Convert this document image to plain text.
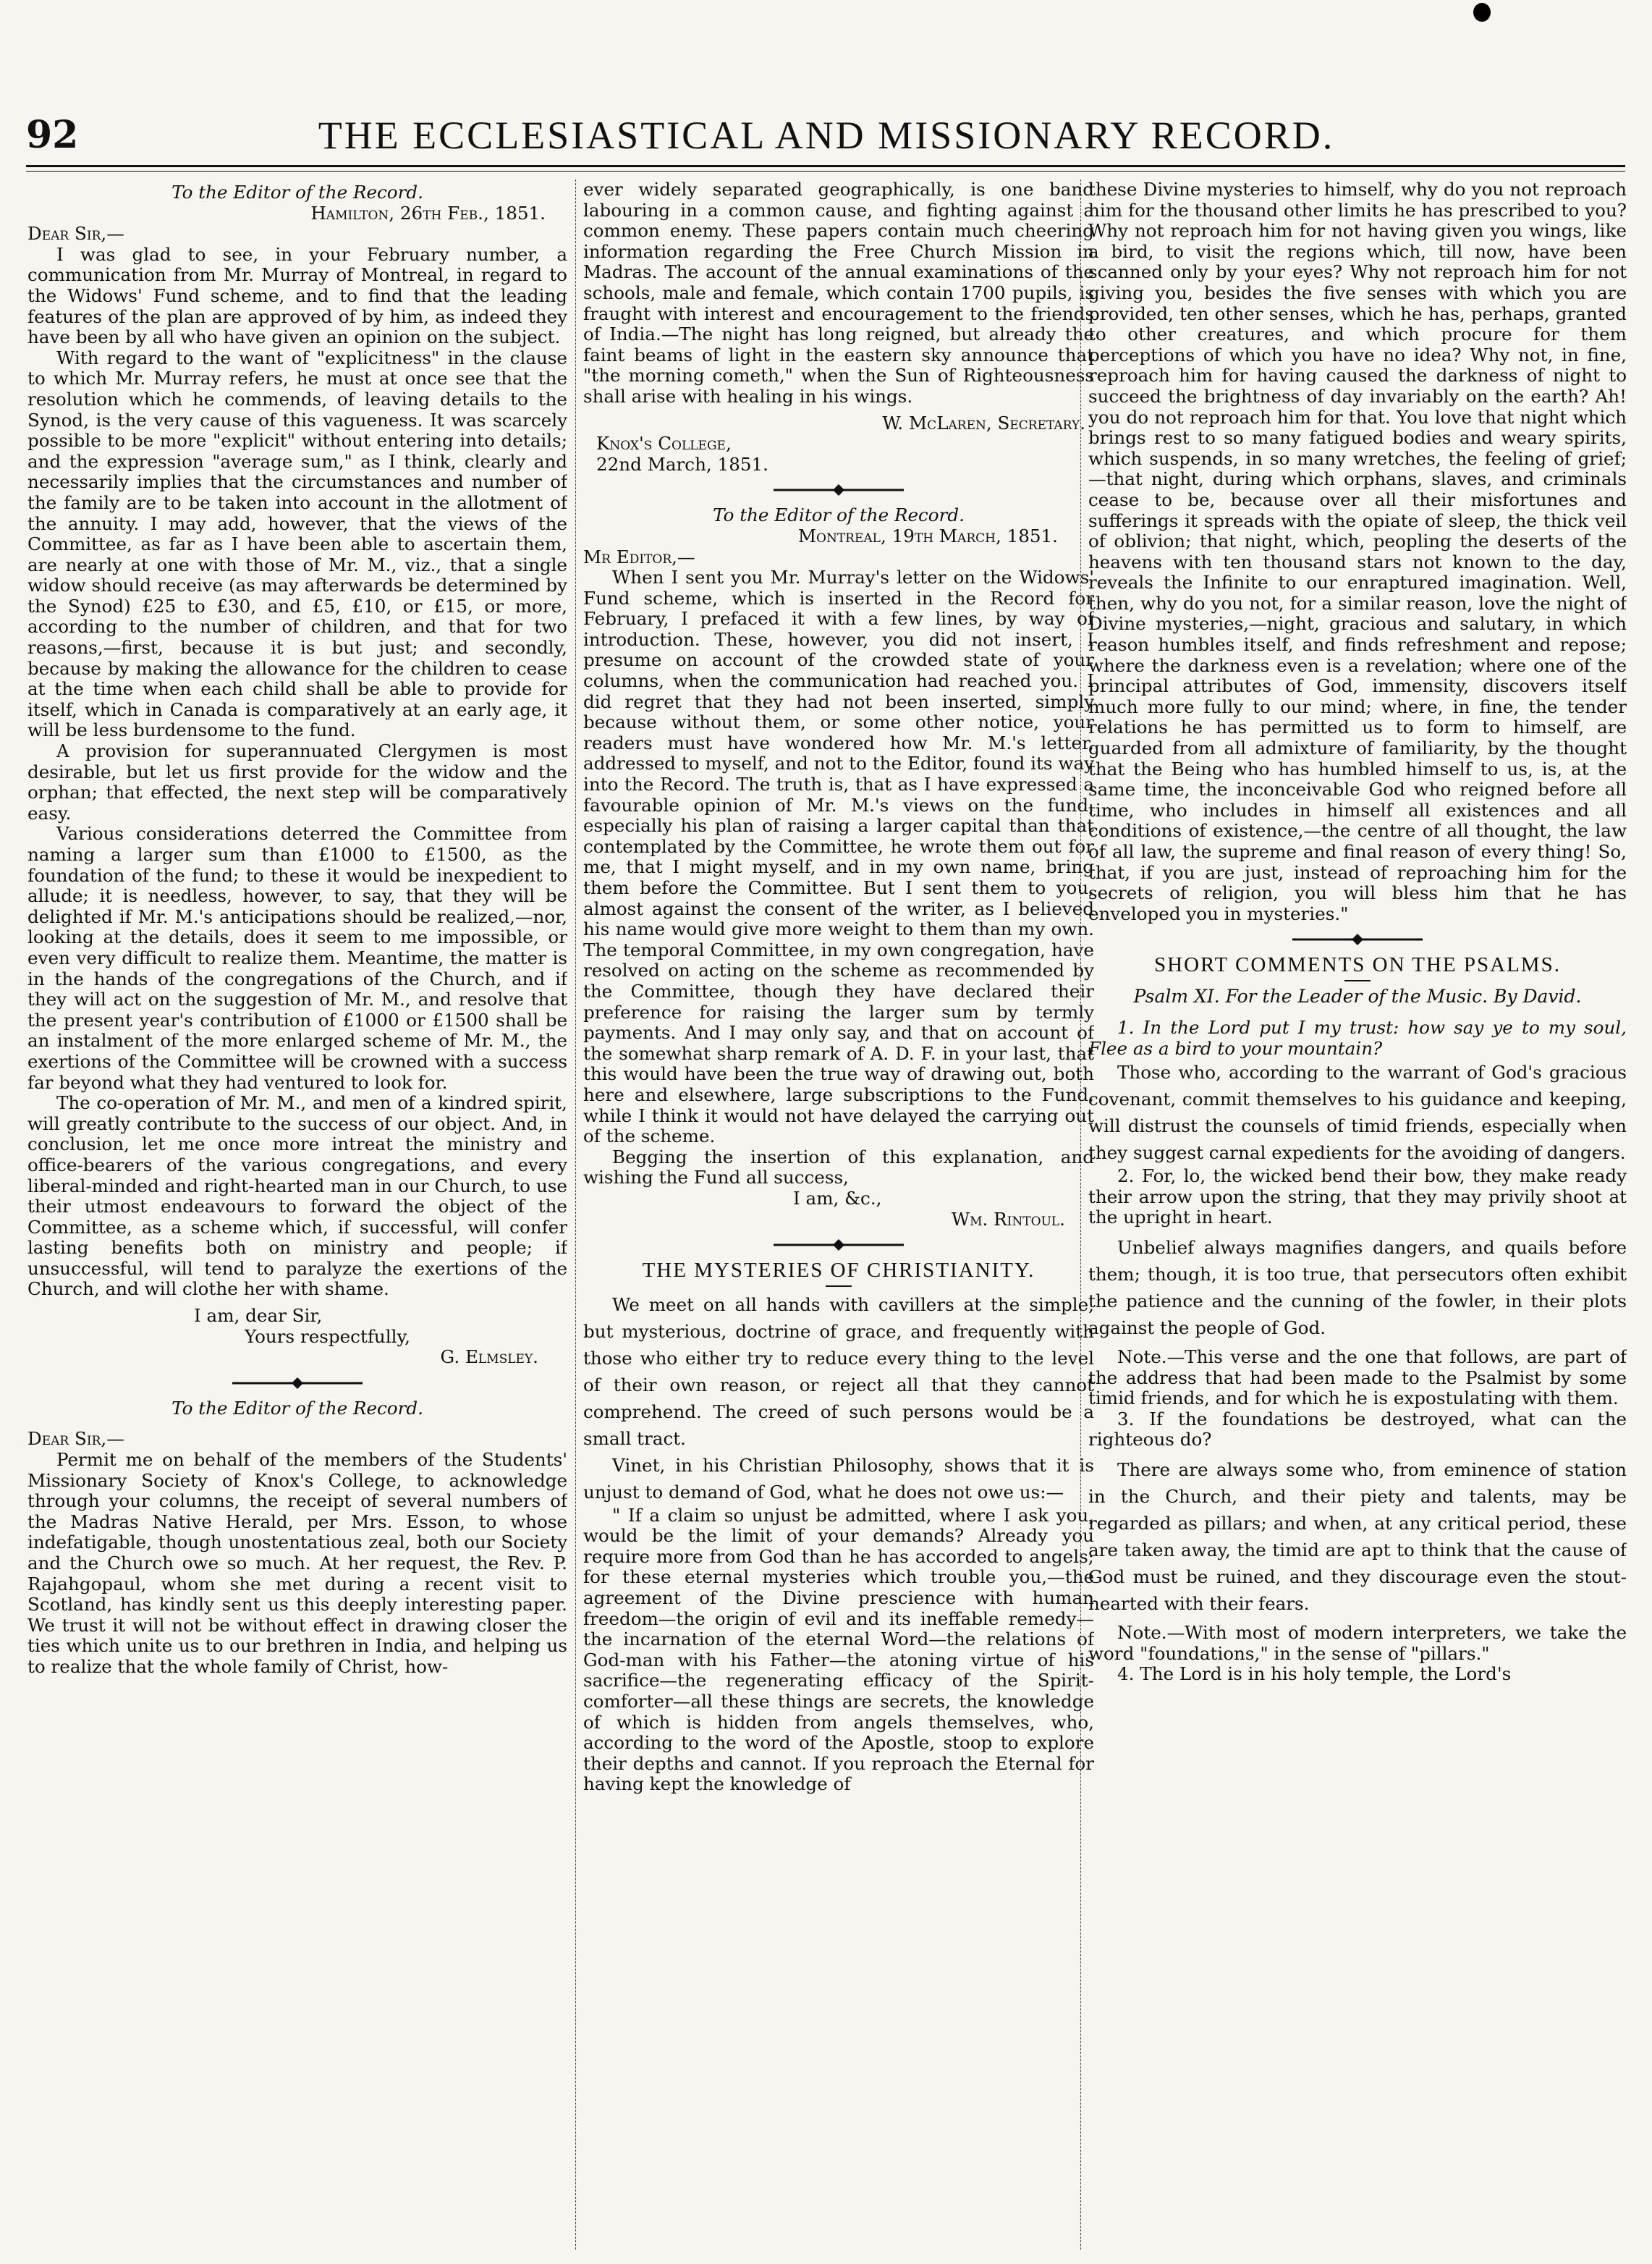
92	THE ECCLESIASTICAL AND MISSIONARY RECORD.

To the Editor of the Record.

Hamilton, 26th Feb., 1851.

Dear Sir,—

I was glad to see, in your February number, a communication from Mr. Murray of Montreal, in regard to the Widows' Fund scheme, and to find that the leading features of the plan are approved of by him, as indeed they have been by all who have given an opinion on the subject.

With regard to the want of "explicitness" in the clause to which Mr. Murray refers, he must at once see that the resolution which he commends, of leaving details to the Synod, is the very cause of this vagueness. It was scarcely possible to be more "explicit" without entering into details; and the expression "average sum," as I think, clearly and necessarily implies that the circumstances and number of the family are to be taken into account in the allotment of the annuity. I may add, however, that the views of the Committee, as far as I have been able to ascertain them, are nearly at one with those of Mr. M., viz., that a single widow should receive (as may afterwards be determined by the Synod) £25 to £30, and £5, £10, or £15, or more, according to the number of children, and that for two reasons,—first, because it is but just; and secondly, because by making the allowance for the children to cease at the time when each child shall be able to provide for itself, which in Canada is comparatively at an early age, it will be less burdensome to the fund.

A provision for superannuated Clergymen is most desirable, but let us first provide for the widow and the orphan; that effected, the next step will be comparatively easy.

Various considerations deterred the Committee from naming a larger sum than £1000 to £1500, as the foundation of the fund; to these it would be inexpedient to allude; it is needless, however, to say, that they will be delighted if Mr. M.'s anticipations should be realized,—nor, looking at the details, does it seem to me impossible, or even very difficult to realize them. Meantime, the matter is in the hands of the congregations of the Church, and if they will act on the suggestion of Mr. M., and resolve that the present year's contribution of £1000 or £1500 shall be an instalment of the more enlarged scheme of Mr. M., the exertions of the Committee will be crowned with a success far beyond what they had ventured to look for.

The co-operation of Mr. M., and men of a kindred spirit, will greatly contribute to the success of our object. And, in conclusion, let me once more intreat the ministry and office-bearers of the various congregations, and every liberal-minded and right-hearted man in our Church, to use their utmost endeavours to forward the object of the Committee, as a scheme which, if successful, will confer lasting benefits both on ministry and people; if unsuccessful, will tend to paralyze the exertions of the Church, and will clothe her with shame.

I am, dear Sir,

Yours respectfully,

G. Elmsley.

To the Editor of the Record.

Dear Sir,—

Permit me on behalf of the members of the Students' Missionary Society of Knox's College, to acknowledge through your columns, the receipt of several numbers of the Madras Native Herald, per Mrs. Esson, to whose indefatigable, though unostentatious zeal, both our Society and the Church owe so much. At her request, the Rev. P. Rajahgopaul, whom she met during a recent visit to Scotland, has kindly sent us this deeply interesting paper. We trust it will not be without effect in drawing closer the ties which unite us to our brethren in India, and helping us to realize that the whole family of Christ, how-

ever widely separated geographically, is one band labouring in a common cause, and fighting against a common enemy. These papers contain much cheering information regarding the Free Church Mission in Madras. The account of the annual examinations of the schools, male and female, which contain 1700 pupils, is fraught with interest and encouragement to the friends of India.—The night has long reigned, but already the faint beams of light in the eastern sky announce that "the morning cometh," when the Sun of Righteousness shall arise with healing in his wings.

W. McLaren, Secretary.

Knox's College,

22nd March, 1851.

To the Editor of the Record.

Montreal, 19th March, 1851.

Mr Editor,—

When I sent you Mr. Murray's letter on the Widows' Fund scheme, which is inserted in the Record for February, I prefaced it with a few lines, by way of introduction. These, however, you did not insert, I presume on account of the crowded state of your columns, when the communication had reached you. I did regret that they had not been inserted, simply because without them, or some other notice, your readers must have wondered how Mr. M.'s letter, addressed to myself, and not to the Editor, found its way into the Record. The truth is, that as I have expressed a favourable opinion of Mr. M.'s views on the fund, especially his plan of raising a larger capital than that contemplated by the Committee, he wrote them out for me, that I might myself, and in my own name, bring them before the Committee. But I sent them to you, almost against the consent of the writer, as I believed his name would give more weight to them than my own. The temporal Committee, in my own congregation, have resolved on acting on the scheme as recommended by the Committee, though they have declared their preference for raising the larger sum by termly payments. And I may only say, and that on account of the somewhat sharp remark of A. D. F. in your last, that this would have been the true way of drawing out, both here and elsewhere, large subscriptions to the Fund, while I think it would not have delayed the carrying out of the scheme.

Begging the insertion of this explanation, and wishing the Fund all success,

I am, &c.,

Wm. Rintoul.

THE MYSTERIES OF CHRISTIANITY.

We meet on all hands with cavillers at the simple, but mysterious, doctrine of grace, and frequently with those who either try to reduce every thing to the level of their own reason, or reject all that they cannot comprehend. The creed of such persons would be a small tract.

Vinet, in his Christian Philosophy, shows that it is unjust to demand of God, what he does not owe us:—

" If a claim so unjust be admitted, where I ask you, would be the limit of your demands? Already you require more from God than he has accorded to angels; for these eternal mysteries which trouble you,—the agreement of the Divine prescience with human freedom—the origin of evil and its ineffable remedy—the incarnation of the eternal Word—the relations of God-man with his Father—the atoning virtue of his sacrifice—the regenerating efficacy of the Spirit-comforter—all these things are secrets, the knowledge of which is hidden from angels themselves, who, according to the word of the Apostle, stoop to explore their depths and cannot. If you reproach the Eternal for having kept the knowledge of

these Divine mysteries to himself, why do you not reproach him for the thousand other limits he has prescribed to you? Why not reproach him for not having given you wings, like a bird, to visit the regions which, till now, have been scanned only by your eyes? Why not reproach him for not giving you, besides the five senses with which you are provided, ten other senses, which he has, perhaps, granted to other creatures, and which procure for them perceptions of which you have no idea? Why not, in fine, reproach him for having caused the darkness of night to succeed the brightness of day invariably on the earth? Ah! you do not reproach him for that. You love that night which brings rest to so many fatigued bodies and weary spirits, which suspends, in so many wretches, the feeling of grief;—that night, during which orphans, slaves, and criminals cease to be, because over all their misfortunes and sufferings it spreads with the opiate of sleep, the thick veil of oblivion; that night, which, peopling the deserts of the heavens with ten thousand stars not known to the day, reveals the Infinite to our enraptured imagination. Well, then, why do you not, for a similar reason, love the night of Divine mysteries,—night, gracious and salutary, in which reason humbles itself, and finds refreshment and repose; where the darkness even is a revelation; where one of the principal attributes of God, immensity, discovers itself much more fully to our mind; where, in fine, the tender relations he has permitted us to form to himself, are guarded from all admixture of familiarity, by the thought that the Being who has humbled himself to us, is, at the same time, the inconceivable God who reigned before all time, who includes in himself all existences and all conditions of existence,—the centre of all thought, the law of all law, the supreme and final reason of every thing! So, that, if you are just, instead of reproaching him for the secrets of religion, you will bless him that he has enveloped you in mysteries."

SHORT COMMENTS ON THE PSALMS.

Psalm XI. For the Leader of the Music. By David.

1. In the Lord put I my trust: how say ye to my soul, Flee as a bird to your mountain?

Those who, according to the warrant of God's gracious covenant, commit themselves to his guidance and keeping, will distrust the counsels of timid friends, especially when they suggest carnal expedients for the avoiding of dangers.

2. For, lo, the wicked bend their bow, they make ready their arrow upon the string, that they may privily shoot at the upright in heart.

Unbelief always magnifies dangers, and quails before them; though, it is too true, that persecutors often exhibit the patience and the cunning of the fowler, in their plots against the people of God.

Note.—This verse and the one that follows, are part of the address that had been made to the Psalmist by some timid friends, and for which he is expostulating with them.

3. If the foundations be destroyed, what can the righteous do?

There are always some who, from eminence of station in the Church, and their piety and talents, may be regarded as pillars; and when, at any critical period, these are taken away, the timid are apt to think that the cause of God must be ruined, and they discourage even the stout-hearted with their fears.

Note.—With most of modern interpreters, we take the word "foundations," in the sense of "pillars."

4. The Lord is in his holy temple, the Lord's
